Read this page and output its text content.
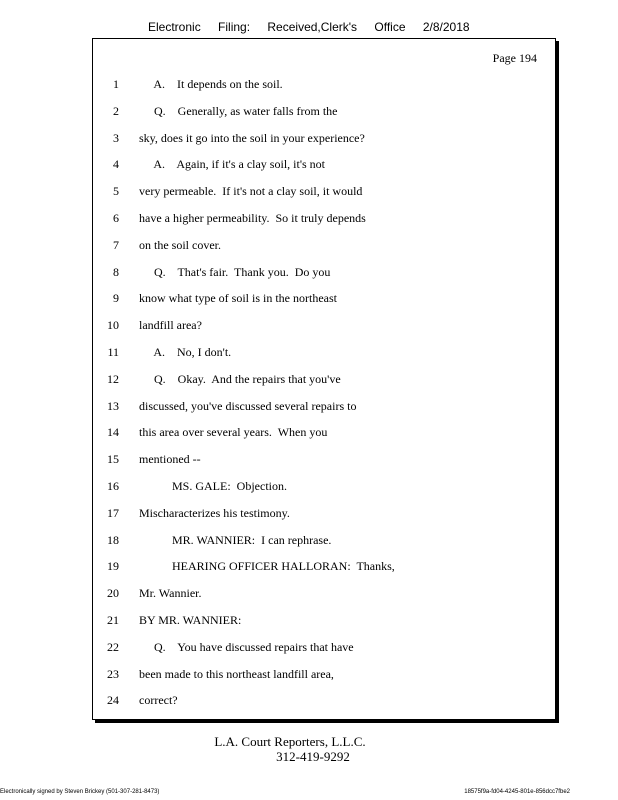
Electronic Filing: Received,Clerk's Office 2/8/2018
Page 194
1 A.    It depends on the soil.
2 Q.    Generally, as water falls from the
3 sky, does it go into the soil in your experience?
4 A.    Again, if it's a clay soil, it's not
5 very permeable.  If it's not a clay soil, it would
6 have a higher permeability.  So it truly depends
7 on the soil cover.
8 Q.    That's fair.  Thank you.  Do you
9 know what type of soil is in the northeast
10 landfill area?
11 A.    No, I don't.
12 Q.    Okay.  And the repairs that you've
13 discussed, you've discussed several repairs to
14 this area over several years.  When you
15 mentioned --
16 MS. GALE:  Objection.
17 Mischaracterizes his testimony.
18 MR. WANNIER:  I can rephrase.
19 HEARING OFFICER HALLORAN:  Thanks,
20 Mr. Wannier.
21 BY MR. WANNIER:
22 Q.    You have discussed repairs that have
23 been made to this northeast landfill area,
24 correct?
L.A. Court Reporters, L.L.C.
312-419-9292
Electronically signed by Steven Brickey (501-307-281-8473)	18575f9a-fd04-4245-801e-856dcc7fbe2
